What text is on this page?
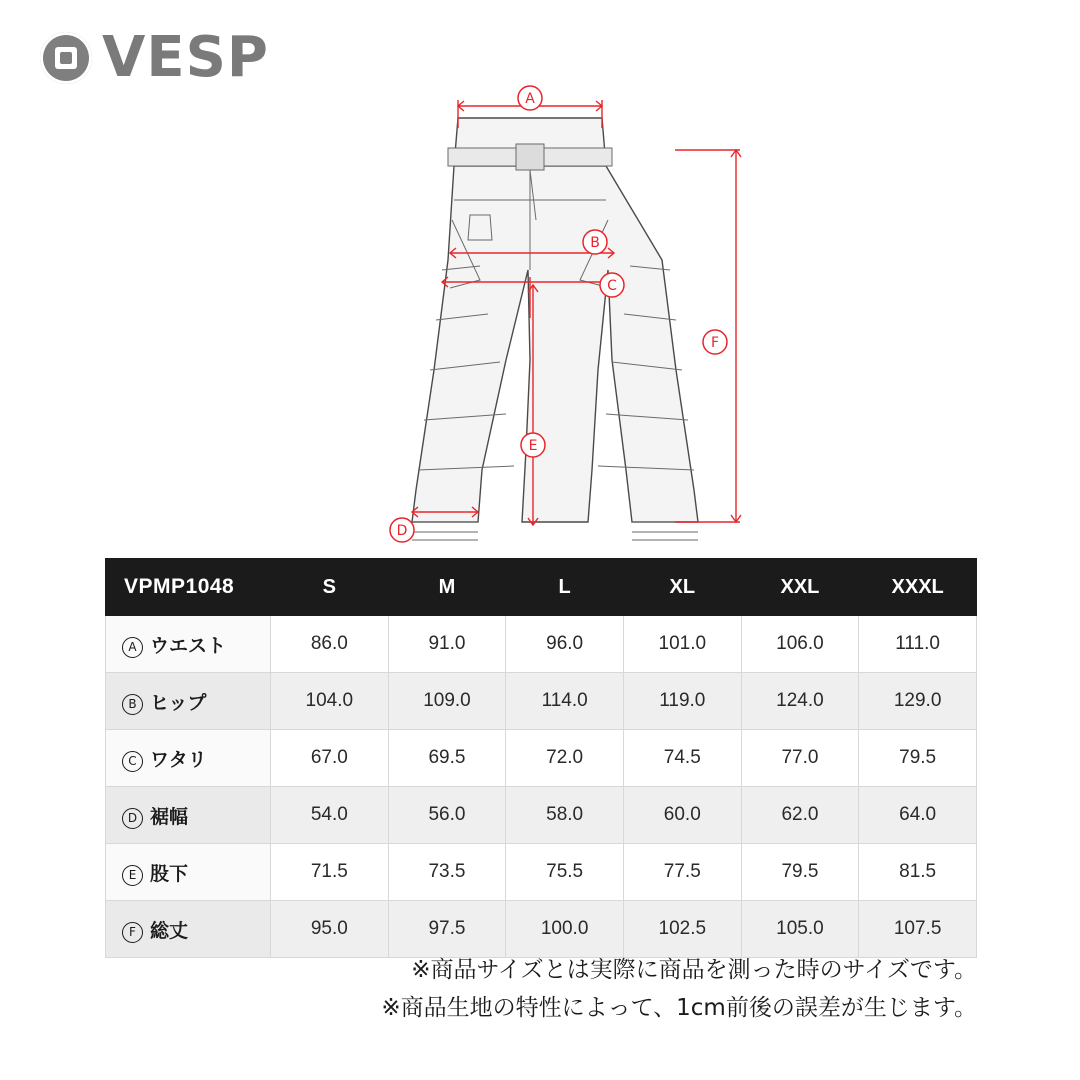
VESP
A
B
C
D
E
F
VPMP1048	S	M	L	XL	XXL	XXXL
A ウエスト	86.0	91.0	96.0	101.0	106.0	111.0
B ヒップ	104.0	109.0	114.0	119.0	124.0	129.0
C ワタリ	67.0	69.5	72.0	74.5	77.0	79.5
D 裾幅	54.0	56.0	58.0	60.0	62.0	64.0
E 股下	71.5	73.5	75.5	77.5	79.5	81.5
F 総丈	95.0	97.5	100.0	102.5	105.0	107.5
※商品サイズとは実際に商品を測った時のサイズです。
※商品生地の特性によって、1cm前後の誤差が生じます。
